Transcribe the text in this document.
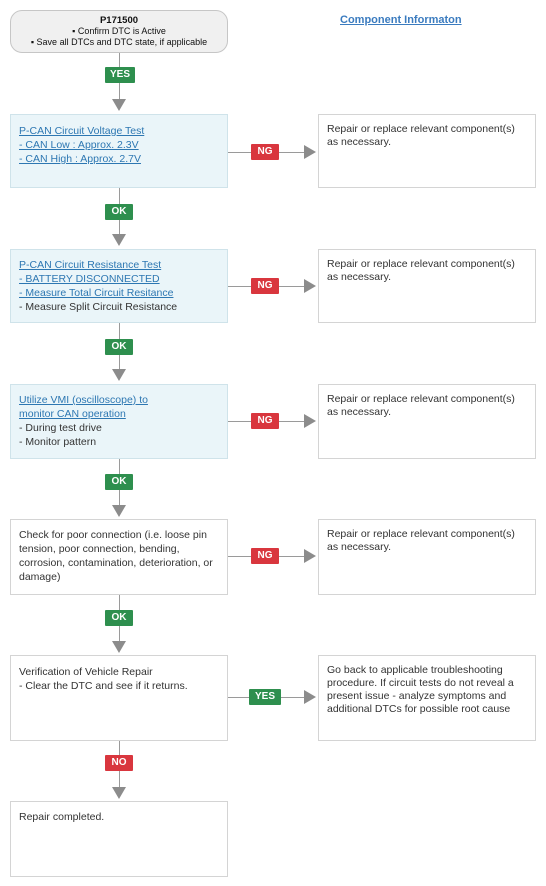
P171500
▪ Confirm DTC is Active
▪ Save all DTCs and DTC state, if applicable
Component Informaton
YES
P-CAN Circuit Voltage Test
- CAN Low : Approx. 2.3V
- CAN High : Approx. 2.7V
NG
Repair or replace relevant component(s) as necessary.
OK
P-CAN Circuit Resistance Test
- BATTERY DISCONNECTED
- Measure Total Circuit Resitance
- Measure Split Circuit Resistance
NG
Repair or replace relevant component(s) as necessary.
OK
Utilize VMI (oscilloscope) to
monitor CAN operation
- During test drive
- Monitor pattern
NG
Repair or replace relevant component(s) as necessary.
OK
Check for poor connection (i.e. loose pin tension, poor connection, bending, corrosion, contamination, deterioration, or damage)
NG
Repair or replace relevant component(s) as necessary.
OK
Verification of Vehicle Repair
- Clear the DTC and see if it returns.
YES
Go back to applicable troubleshooting procedure. If circuit tests do not reveal a present issue - analyze symptoms and additional DTCs for possible root cause
NO
Repair completed.
